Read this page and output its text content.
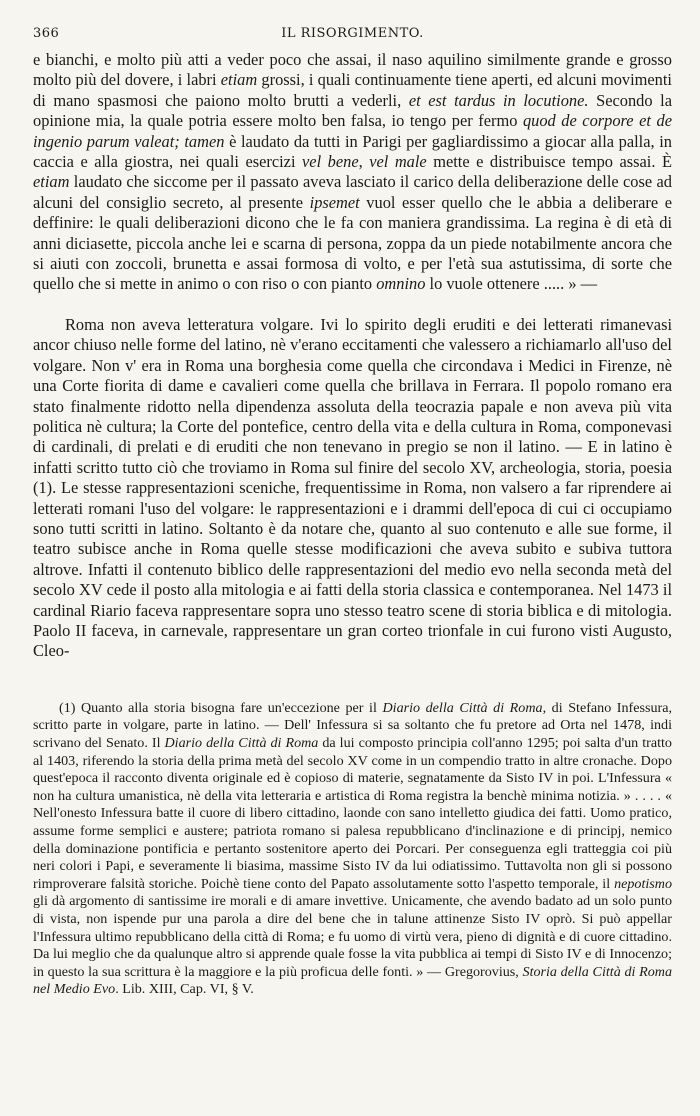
366	IL RISORGIMENTO.

e bianchi, e molto più atti a veder poco che assai, il naso aquilino similmente grande e grosso molto più del dovere, i labri etiam grossi, i quali continuamente tiene aperti, ed alcuni movimenti di mano spasmosi che paiono molto brutti a vederli, et est tardus in locutione. Secondo la opinione mia, la quale potria essere molto ben falsa, io tengo per fermo quod de corpore et de ingenio parum valeat; tamen è laudato da tutti in Parigi per gagliardissimo a giocar alla palla, in caccia e alla giostra, nei quali esercizi vel bene, vel male mette e distribuisce tempo assai. È etiam laudato che siccome per il passato aveva lasciato il carico della deliberazione delle cose ad alcuni del consiglio secreto, al presente ipsemet vuol esser quello che le abbia a deliberare e deffinire: le quali deliberazioni dicono che le fa con maniera grandissima. La regina è di età di anni diciasette, piccola anche lei e scarna di persona, zoppa da un piede notabilmente ancora che si aiuti con zoccoli, brunetta e assai formosa di volto, e per l'età sua astutissima, di sorte che quello che si mette in animo o con riso o con pianto omnino lo vuole ottenere ..... » —

Roma non aveva letteratura volgare. Ivi lo spirito degli eruditi e dei letterati rimanevasi ancor chiuso nelle forme del latino, nè v'erano eccitamenti che valessero a richiamarlo all'uso del volgare. Non v' era in Roma una borghesia come quella che circondava i Medici in Firenze, nè una Corte fiorita di dame e cavalieri come quella che brillava in Ferrara. Il popolo romano era stato finalmente ridotto nella dipendenza assoluta della teocrazia papale e non aveva più vita politica nè cultura; la Corte del pontefice, centro della vita e della cultura in Roma, componevasi di cardinali, di prelati e di eruditi che non tenevano in pregio se non il latino. — E in latino è infatti scritto tutto ciò che troviamo in Roma sul finire del secolo XV, archeologia, storia, poesia (1). Le stesse rappresentazioni sceniche, frequentissime in Roma, non valsero a far riprendere ai letterati romani l'uso del volgare: le rappresentazioni e i drammi dell'epoca di cui ci occupiamo sono tutti scritti in latino. Soltanto è da notare che, quanto al suo contenuto e alle sue forme, il teatro subisce anche in Roma quelle stesse modificazioni che aveva subito e subiva tuttora altrove. Infatti il contenuto biblico delle rappresentazioni del medio evo nella seconda metà del secolo XV cede il posto alla mitologia e ai fatti della storia classica e contemporanea. Nel 1473 il cardinal Riario faceva rappresentare sopra uno stesso teatro scene di storia biblica e di mitologia. Paolo II faceva, in carnevale, rappresentare un gran corteo trionfale in cui furono visti Augusto, Cleo-

(1) Quanto alla storia bisogna fare un'eccezione per il Diario della Città di Roma, di Stefano Infessura, scritto parte in volgare, parte in latino. — Dell' Infessura si sa soltanto che fu pretore ad Orta nel 1478, indi scrivano del Senato. Il Diario della Città di Roma da lui composto principia coll'anno 1295; poi salta d'un tratto al 1403, riferendo la storia della prima metà del secolo XV come in un compendio tratto in altre cronache. Dopo quest'epoca il racconto diventa originale ed è copioso di materie, segnatamente da Sisto IV in poi. L'Infessura « non ha cultura umanistica, nè della vita letteraria e artistica di Roma registra la benchè minima notizia. » . . . . « Nell'onesto Infessura batte il cuore di libero cittadino, laonde con sano intelletto giudica dei fatti. Uomo pratico, assume forme semplici e austere; patriota romano si palesa repubblicano d'inclinazione e di principj, nemico della dominazione pontificia e pertanto sostenitore aperto dei Porcari. Per conseguenza egli tratteggia coi più neri colori i Papi, e severamente li biasima, massime Sisto IV da lui odiatissimo. Tuttavolta non gli si possono rimproverare falsità storiche. Poichè tiene conto del Papato assolutamente sotto l'aspetto temporale, il nepotismo gli dà argomento di santissime ire morali e di amare invettive. Unicamente, che avendo badato ad un solo punto di vista, non ispende pur una parola a dire del bene che in talune attinenze Sisto IV oprò. Si può appellar l'Infessura ultimo repubblicano della città di Roma; e fu uomo di virtù vera, pieno di dignità e di cuore cittadino. Da lui meglio che da qualunque altro si apprende quale fosse la vita pubblica ai tempi di Sisto IV e di Innocenzo; in questo la sua scrittura è la maggiore e la più proficua delle fonti. » — Gregorovius, Storia della Città di Roma nel Medio Evo. Lib. XIII, Cap. VI, § V.
